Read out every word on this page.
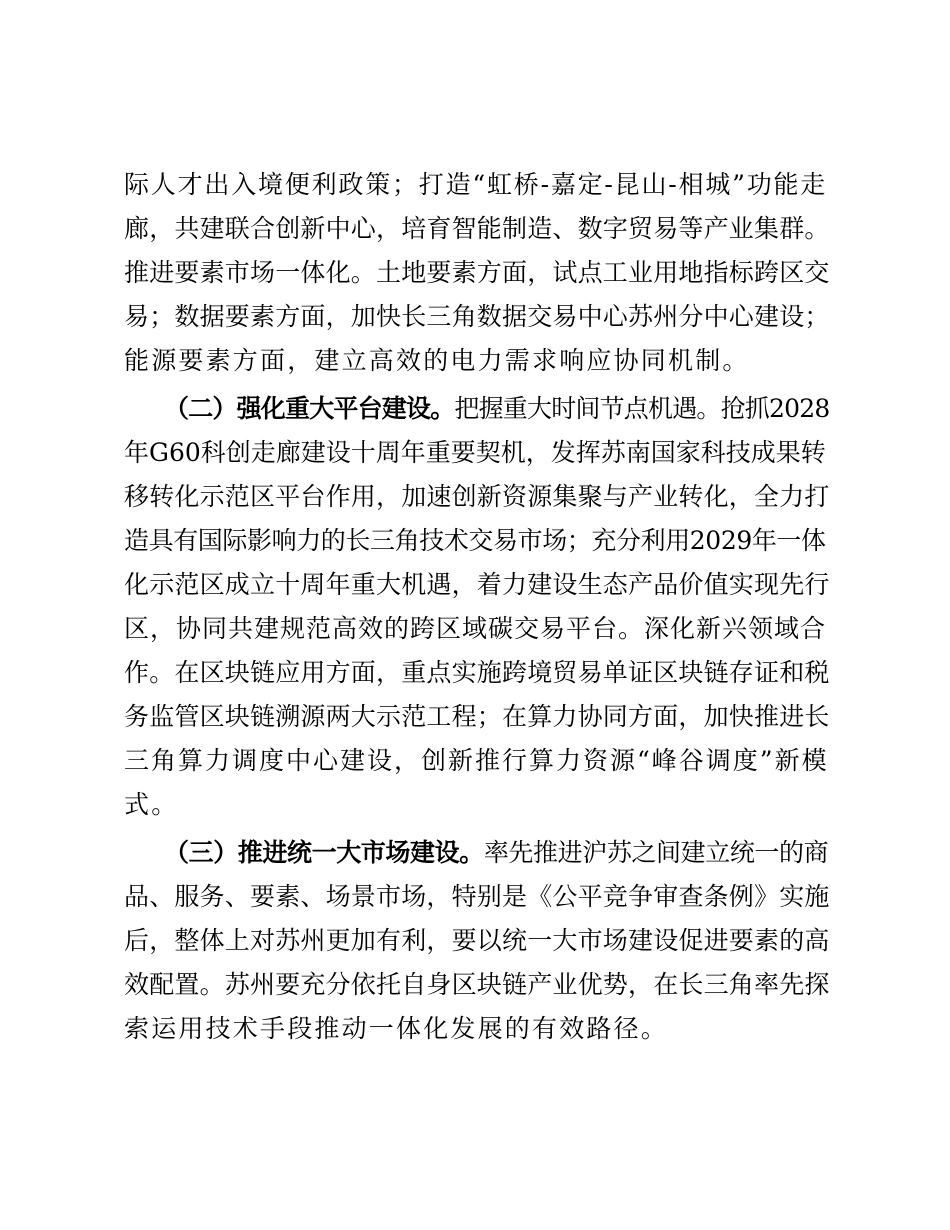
际人才出入境便利政策；打造“虹桥-嘉定-昆山-相城”功能走
廊，共建联合创新中心，培育智能制造、数字贸易等产业集群。
推进要素市场一体化。土地要素方面，试点工业用地指标跨区交
易；数据要素方面，加快长三角数据交易中心苏州分中心建设；
能源要素方面，建立高效的电力需求响应协同机制。
（二）强化重大平台建设。把握重大时间节点机遇。抢抓2028
年G60科创走廊建设十周年重要契机，发挥苏南国家科技成果转
移转化示范区平台作用，加速创新资源集聚与产业转化，全力打
造具有国际影响力的长三角技术交易市场；充分利用2029年一体
化示范区成立十周年重大机遇，着力建设生态产品价值实现先行
区，协同共建规范高效的跨区域碳交易平台。深化新兴领域合
作。在区块链应用方面，重点实施跨境贸易单证区块链存证和税
务监管区块链溯源两大示范工程；在算力协同方面，加快推进长
三角算力调度中心建设，创新推行算力资源“峰谷调度”新模
式。
（三）推进统一大市场建设。率先推进沪苏之间建立统一的商
品、服务、要素、场景市场，特别是《公平竞争审查条例》实施
后，整体上对苏州更加有利，要以统一大市场建设促进要素的高
效配置。苏州要充分依托自身区块链产业优势，在长三角率先探
索运用技术手段推动一体化发展的有效路径。
